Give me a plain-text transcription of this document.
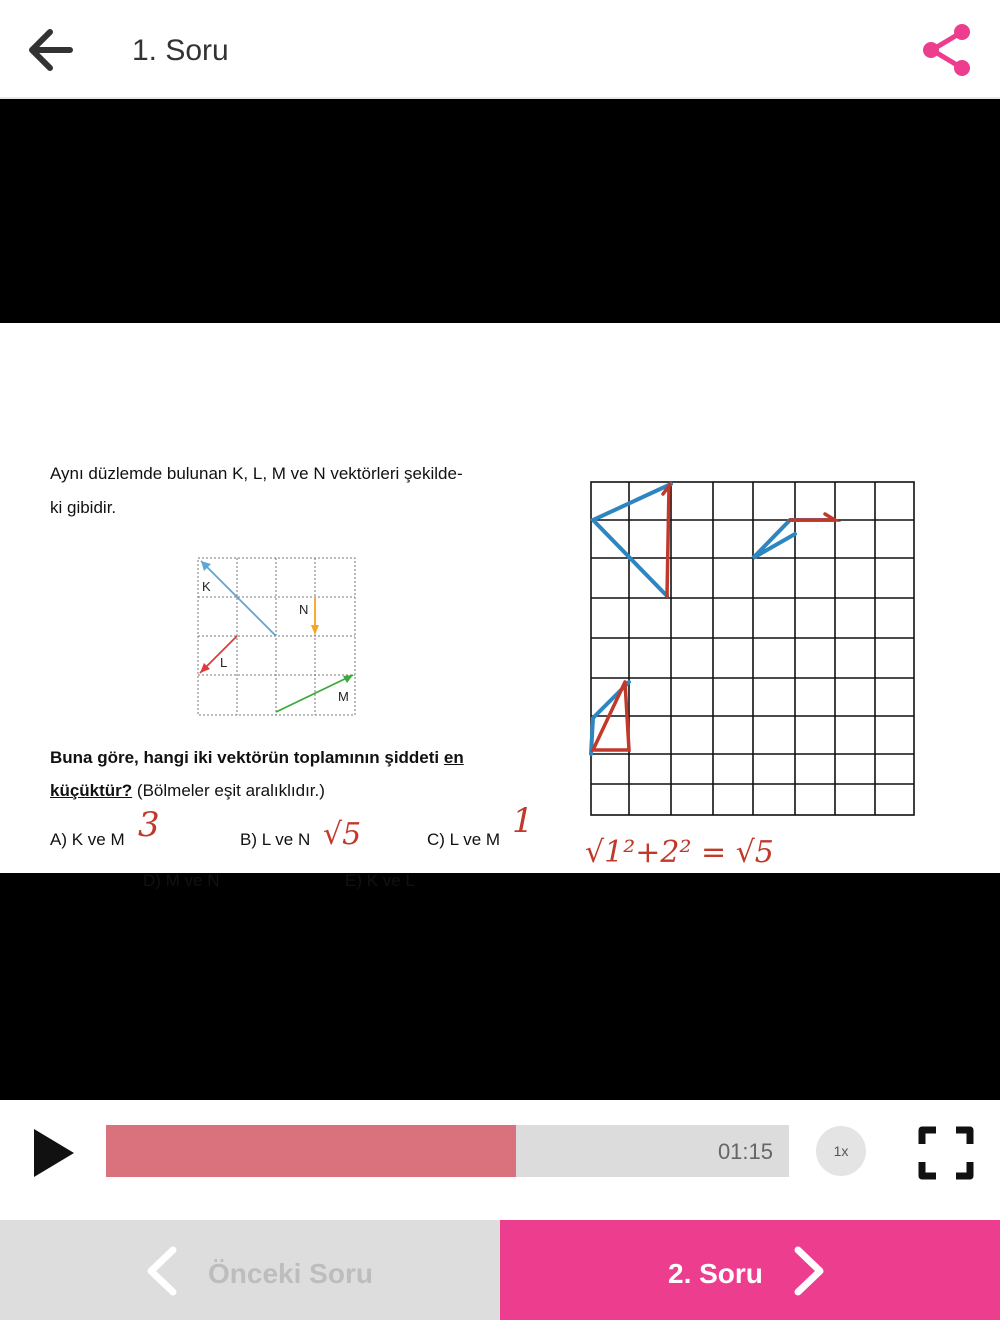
1. Soru
Aynı düzlemde bulunan K, L, M ve N vektörleri şekilde-
ki gibidir.
K
L
N
M
Buna göre, hangi iki vektörün toplamının şiddeti en
küçüktür? (Bölmeler eşit aralıklıdır.)
A) K ve M	B) L ve N	C) L ve M
D) M ve N	E) K ve L
3	√5	1
√1²+2² = √5
01:15	1x
Önceki Soru	2. Soru
